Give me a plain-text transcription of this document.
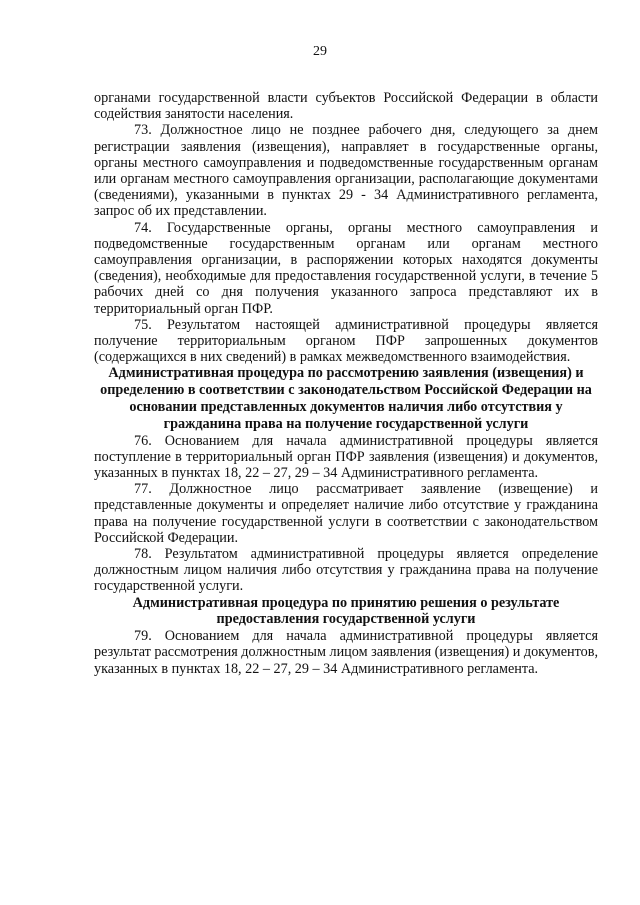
29

органами государственной власти субъектов Российской Федерации в области содействия занятости населения.

73. Должностное лицо не позднее рабочего дня, следующего за днем регистрации заявления (извещения), направляет в государственные органы, органы местного самоуправления и подведомственные государственным органам или органам местного самоуправления организации, располагающие документами (сведениями), указанными в пунктах 29 - 34 Административного регламента, запрос об их представлении.

74. Государственные органы, органы местного самоуправления и подведомственные государственным органам или органам местного самоуправления организации, в распоряжении которых находятся документы (сведения), необходимые для предоставления государственной услуги, в течение 5 рабочих дней со дня получения указанного запроса представляют их в территориальный орган ПФР.

75. Результатом настоящей административной процедуры является получение территориальным органом ПФР запрошенных документов (содержащихся в них сведений) в рамках межведомственного взаимодействия.

Административная процедура по рассмотрению заявления (извещения) и определению в соответствии с законодательством Российской Федерации на основании представленных документов наличия либо отсутствия у гражданина права на получение государственной услуги

76. Основанием для начала административной процедуры является поступление в территориальный орган ПФР заявления (извещения) и документов, указанных в пунктах 18, 22 – 27, 29 – 34 Административного регламента.

77. Должностное лицо рассматривает заявление (извещение) и представленные документы и определяет наличие либо отсутствие у гражданина права на получение государственной услуги в соответствии с законодательством Российской Федерации.

78. Результатом административной процедуры является определение должностным лицом наличия либо отсутствия у гражданина права на получение государственной услуги.

Административная процедура по принятию решения о результате предоставления государственной услуги

79. Основанием для начала административной процедуры является результат рассмотрения должностным лицом заявления (извещения) и документов, указанных в пунктах 18, 22 – 27, 29 – 34 Административного регламента.
